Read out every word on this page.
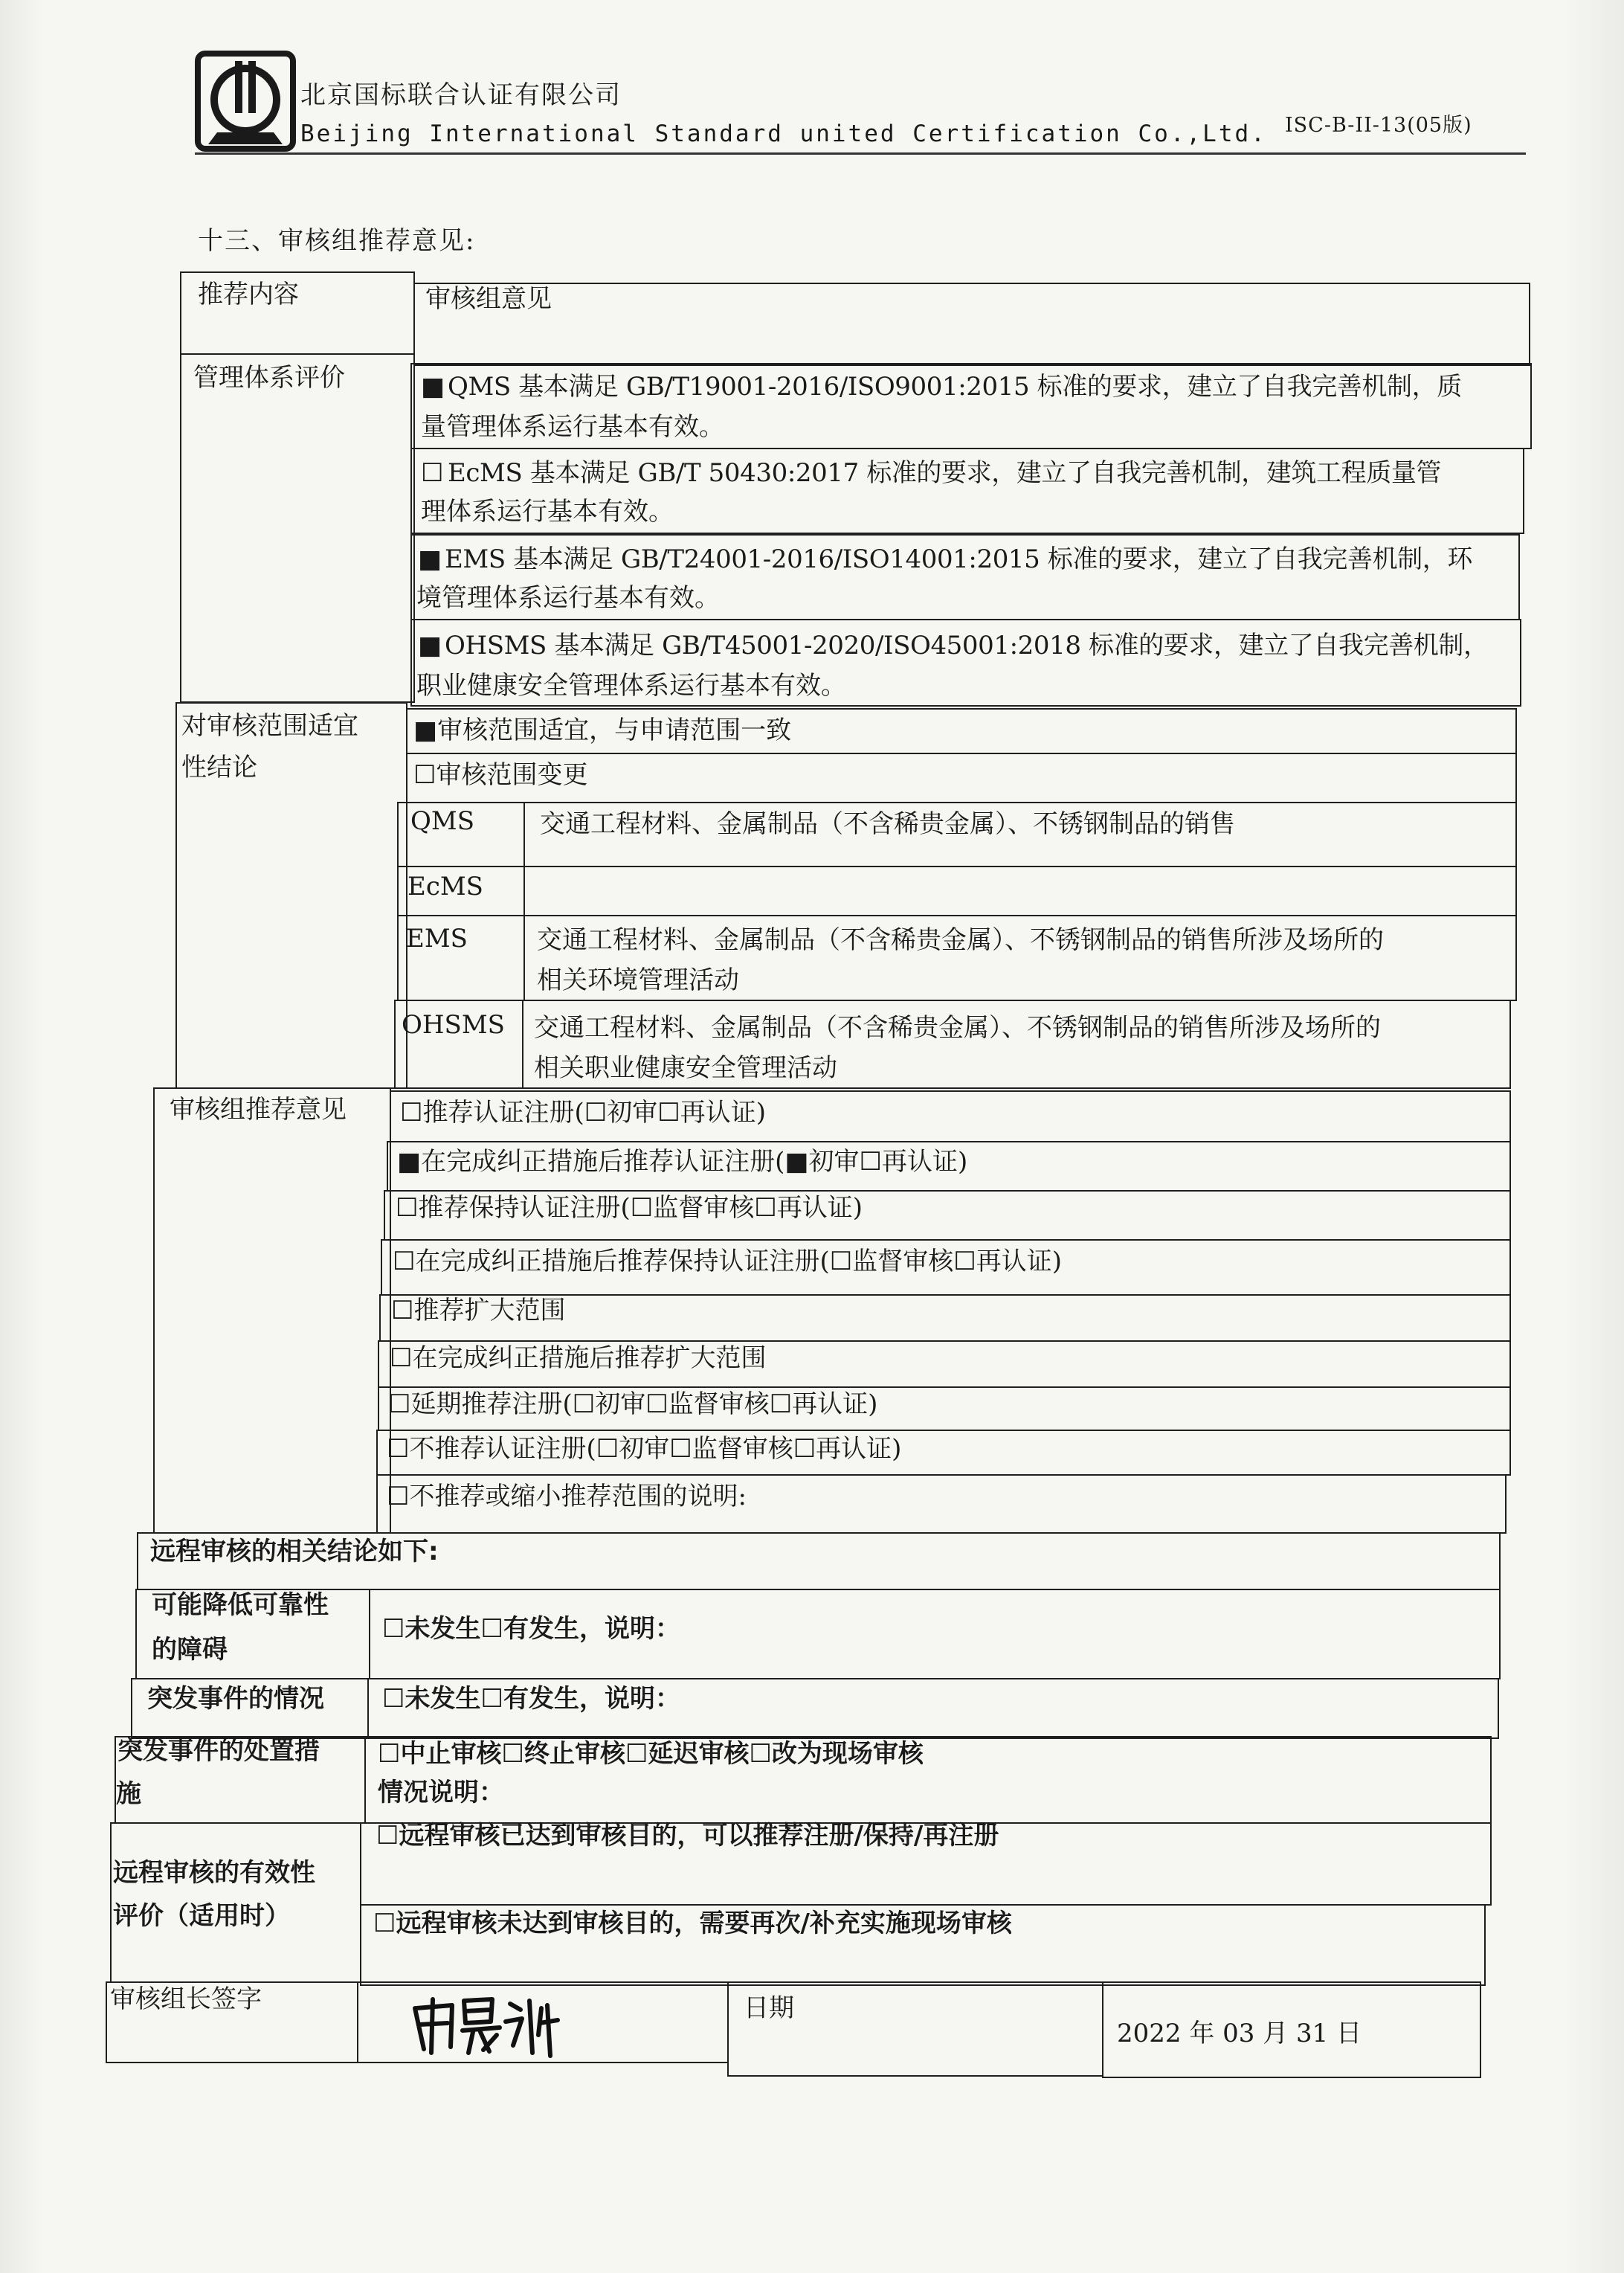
北京国标联合认证有限公司
Beijing International Standard united Certification Co.,Ltd. ISC-B-II-13(05版)
十三、审核组推荐意见:
推荐内容	审核组意见
管理体系评价	■ QMS 基本满足 GB/T19001-2016/ISO9001:2015 标准的要求，建立了自我完善机制，质
量管理体系运行基本有效。
☐ EcMS 基本满足 GB/T 50430:2017 标准的要求，建立了自我完善机制，建筑工程质量管
理体系运行基本有效。
■ EMS 基本满足 GB/T24001-2016/ISO14001:2015 标准的要求，建立了自我完善机制，环
境管理体系运行基本有效。
■ OHSMS 基本满足 GB/T45001-2020/ISO45001:2018 标准的要求，建立了自我完善机制，
职业健康安全管理体系运行基本有效。
对审核范围适宜
性结论
■审核范围适宜，与申请范围一致
☐审核范围变更
QMS	交通工程材料、金属制品（不含稀贵金属）、不锈钢制品的销售
EcMS
EMS	交通工程材料、金属制品（不含稀贵金属）、不锈钢制品的销售所涉及场所的
相关环境管理活动
OHSMS 交通工程材料、金属制品（不含稀贵金属）、不锈钢制品的销售所涉及场所的
相关职业健康安全管理活动
审核组推荐意见 ☐推荐认证注册(☐初审☐再认证)
■在完成纠正措施后推荐认证注册(■初审☐再认证)
☐推荐保持认证注册(☐监督审核☐再认证)
☐在完成纠正措施后推荐保持认证注册(☐监督审核☐再认证)
☐推荐扩大范围
☐在完成纠正措施后推荐扩大范围
☐延期推荐注册(☐初审☐监督审核☐再认证)
☐不推荐认证注册(☐初审☐监督审核☐再认证)
☐不推荐或缩小推荐范围的说明:
远程审核的相关结论如下:
可能降低可靠性
的障碍
☐未发生☐有发生，说明：
突发事件的情况 ☐未发生☐有发生，说明：
突发事件的处置措
施
☐中止审核☐终止审核☐延迟审核☐改为现场审核
情况说明：
远程审核的有效性
评价（适用时）
☐远程审核已达到审核目的，可以推荐注册/保持/再注册
☐远程审核未达到审核目的，需要再次/补充实施现场审核
审核组长签字	日期
2022 年 03 月 31 日
